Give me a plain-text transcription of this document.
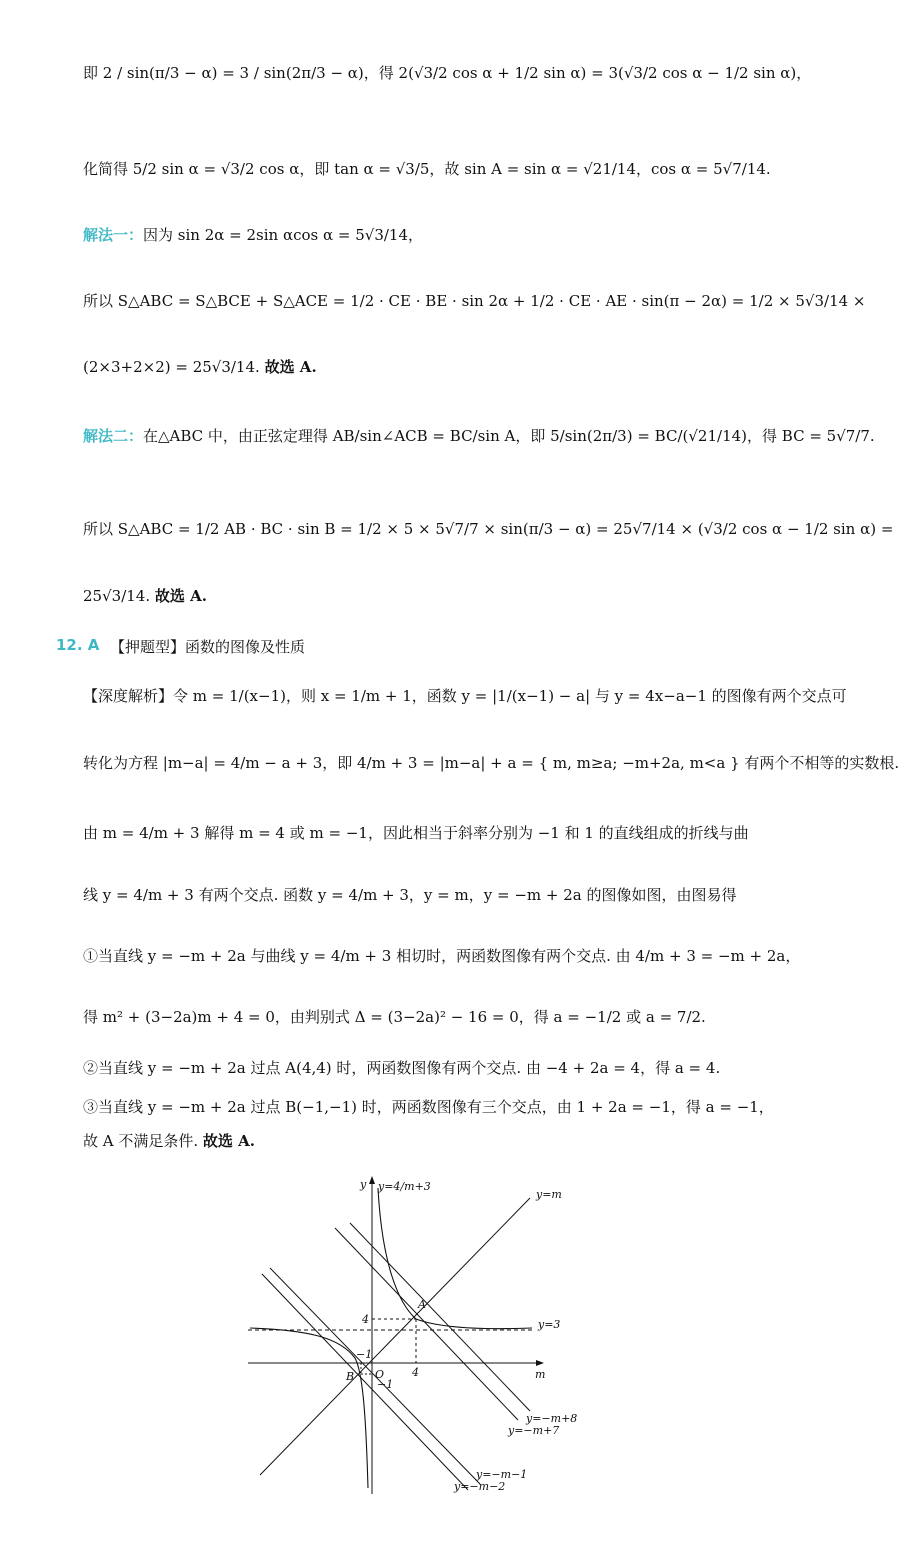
即 2 / sin(π/3 − α) = 3 / sin(2π/3 − α)，得 2(√3/2 cos α + 1/2 sin α) = 3(√3/2 cos α − 1/2 sin α)，
化简得 5/2 sin α = √3/2 cos α，即 tan α = √3/5，故 sin A = sin α = √21/14，cos α = 5√7/14.
解法一：因为 sin 2α = 2sin αcos α = 5√3/14，
所以 S△ABC = S△BCE + S△ACE = 1/2 · CE · BE · sin 2α + 1/2 · CE · AE · sin(π − 2α) = 1/2 × 5√3/14 ×
(2×3+2×2) = 25√3/14. 故选 A.
解法二：在△ABC 中，由正弦定理得 AB/sin∠ACB = BC/sin A，即 5/sin(2π/3) = BC/(√21/14)，得 BC = 5√7/7.
所以 S△ABC = 1/2 AB · BC · sin B = 1/2 × 5 × 5√7/7 × sin(π/3 − α) = 25√7/14 × (√3/2 cos α − 1/2 sin α) =
25√3/14. 故选 A.
12. A 【押题型】函数的图像及性质
【深度解析】令 m = 1/(x−1)，则 x = 1/m + 1，函数 y = |1/(x−1) − a| 与 y = 4x−a−1 的图像有两个交点可
转化为方程 |m−a| = 4/m − a + 3，即 4/m + 3 = |m−a| + a = { m, m≥a; −m+2a, m<a } 有两个不相等的实数根.
由 m = 4/m + 3 解得 m = 4 或 m = −1，因此相当于斜率分别为 −1 和 1 的直线组成的折线与曲
线 y = 4/m + 3 有两个交点. 函数 y = 4/m + 3，y = m，y = −m + 2a 的图像如图，由图易得
①当直线 y = −m + 2a 与曲线 y = 4/m + 3 相切时，两函数图像有两个交点. 由 4/m + 3 = −m + 2a，
得 m² + (3−2a)m + 4 = 0，由判别式 Δ = (3−2a)² − 16 = 0，得 a = −1/2 或 a = 7/2.
②当直线 y = −m + 2a 过点 A(4,4) 时，两函数图像有两个交点. 由 −4 + 2a = 4，得 a = 4.
③当直线 y = −m + 2a 过点 B(−1,−1) 时，两函数图像有三个交点，由 1 + 2a = −1，得 a = −1，
故 A 不满足条件. 故选 A.
y y=4/m+3
y=m
y=3
m
y=−m+8
y=−m+7
y=−m−1
y=−m−2
A
B O	4
4
−1
−1
